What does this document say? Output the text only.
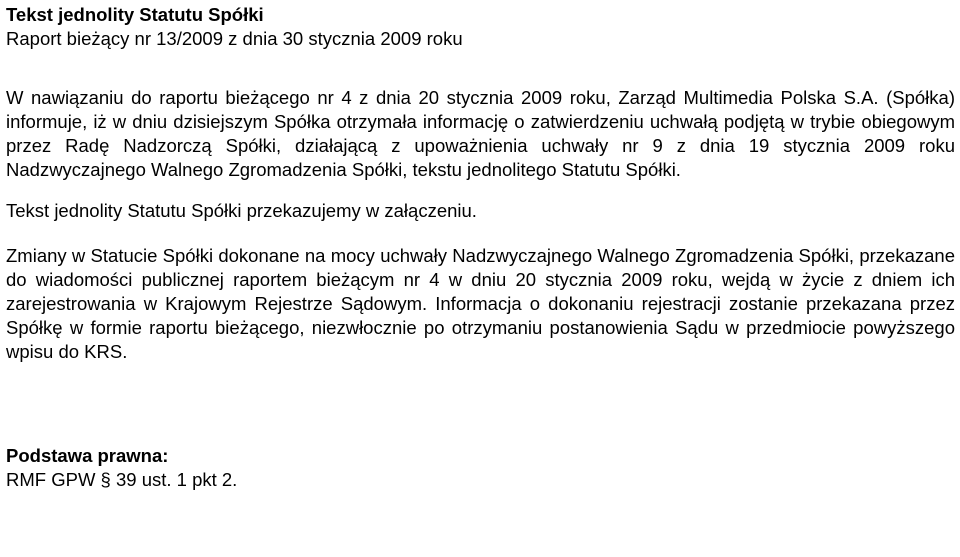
Tekst jednolity Statutu Spółki

Raport bieżący nr 13/2009 z dnia 30 stycznia 2009 roku

W nawiązaniu do raportu bieżącego nr 4 z dnia 20 stycznia 2009 roku, Zarząd Multimedia Polska S.A. (Spółka) informuje, iż w dniu dzisiejszym Spółka otrzymała informację o zatwierdzeniu uchwałą podjętą w trybie obiegowym przez Radę Nadzorczą Spółki, działającą z upoważnienia uchwały nr 9 z dnia 19 stycznia 2009 roku Nadzwyczajnego Walnego Zgromadzenia Spółki, tekstu jednolitego Statutu Spółki.

Tekst jednolity Statutu Spółki przekazujemy w załączeniu.

Zmiany w Statucie Spółki dokonane na mocy uchwały Nadzwyczajnego Walnego Zgromadzenia Spółki, przekazane do wiadomości publicznej raportem bieżącym nr 4 w dniu 20 stycznia 2009 roku, wejdą w życie z dniem ich zarejestrowania w Krajowym Rejestrze Sądowym. Informacja o dokonaniu rejestracji zostanie przekazana przez Spółkę w formie raportu bieżącego, niezwłocznie po otrzymaniu postanowienia Sądu w przedmiocie powyższego wpisu do KRS.

Podstawa prawna:

RMF GPW § 39 ust. 1 pkt 2.
